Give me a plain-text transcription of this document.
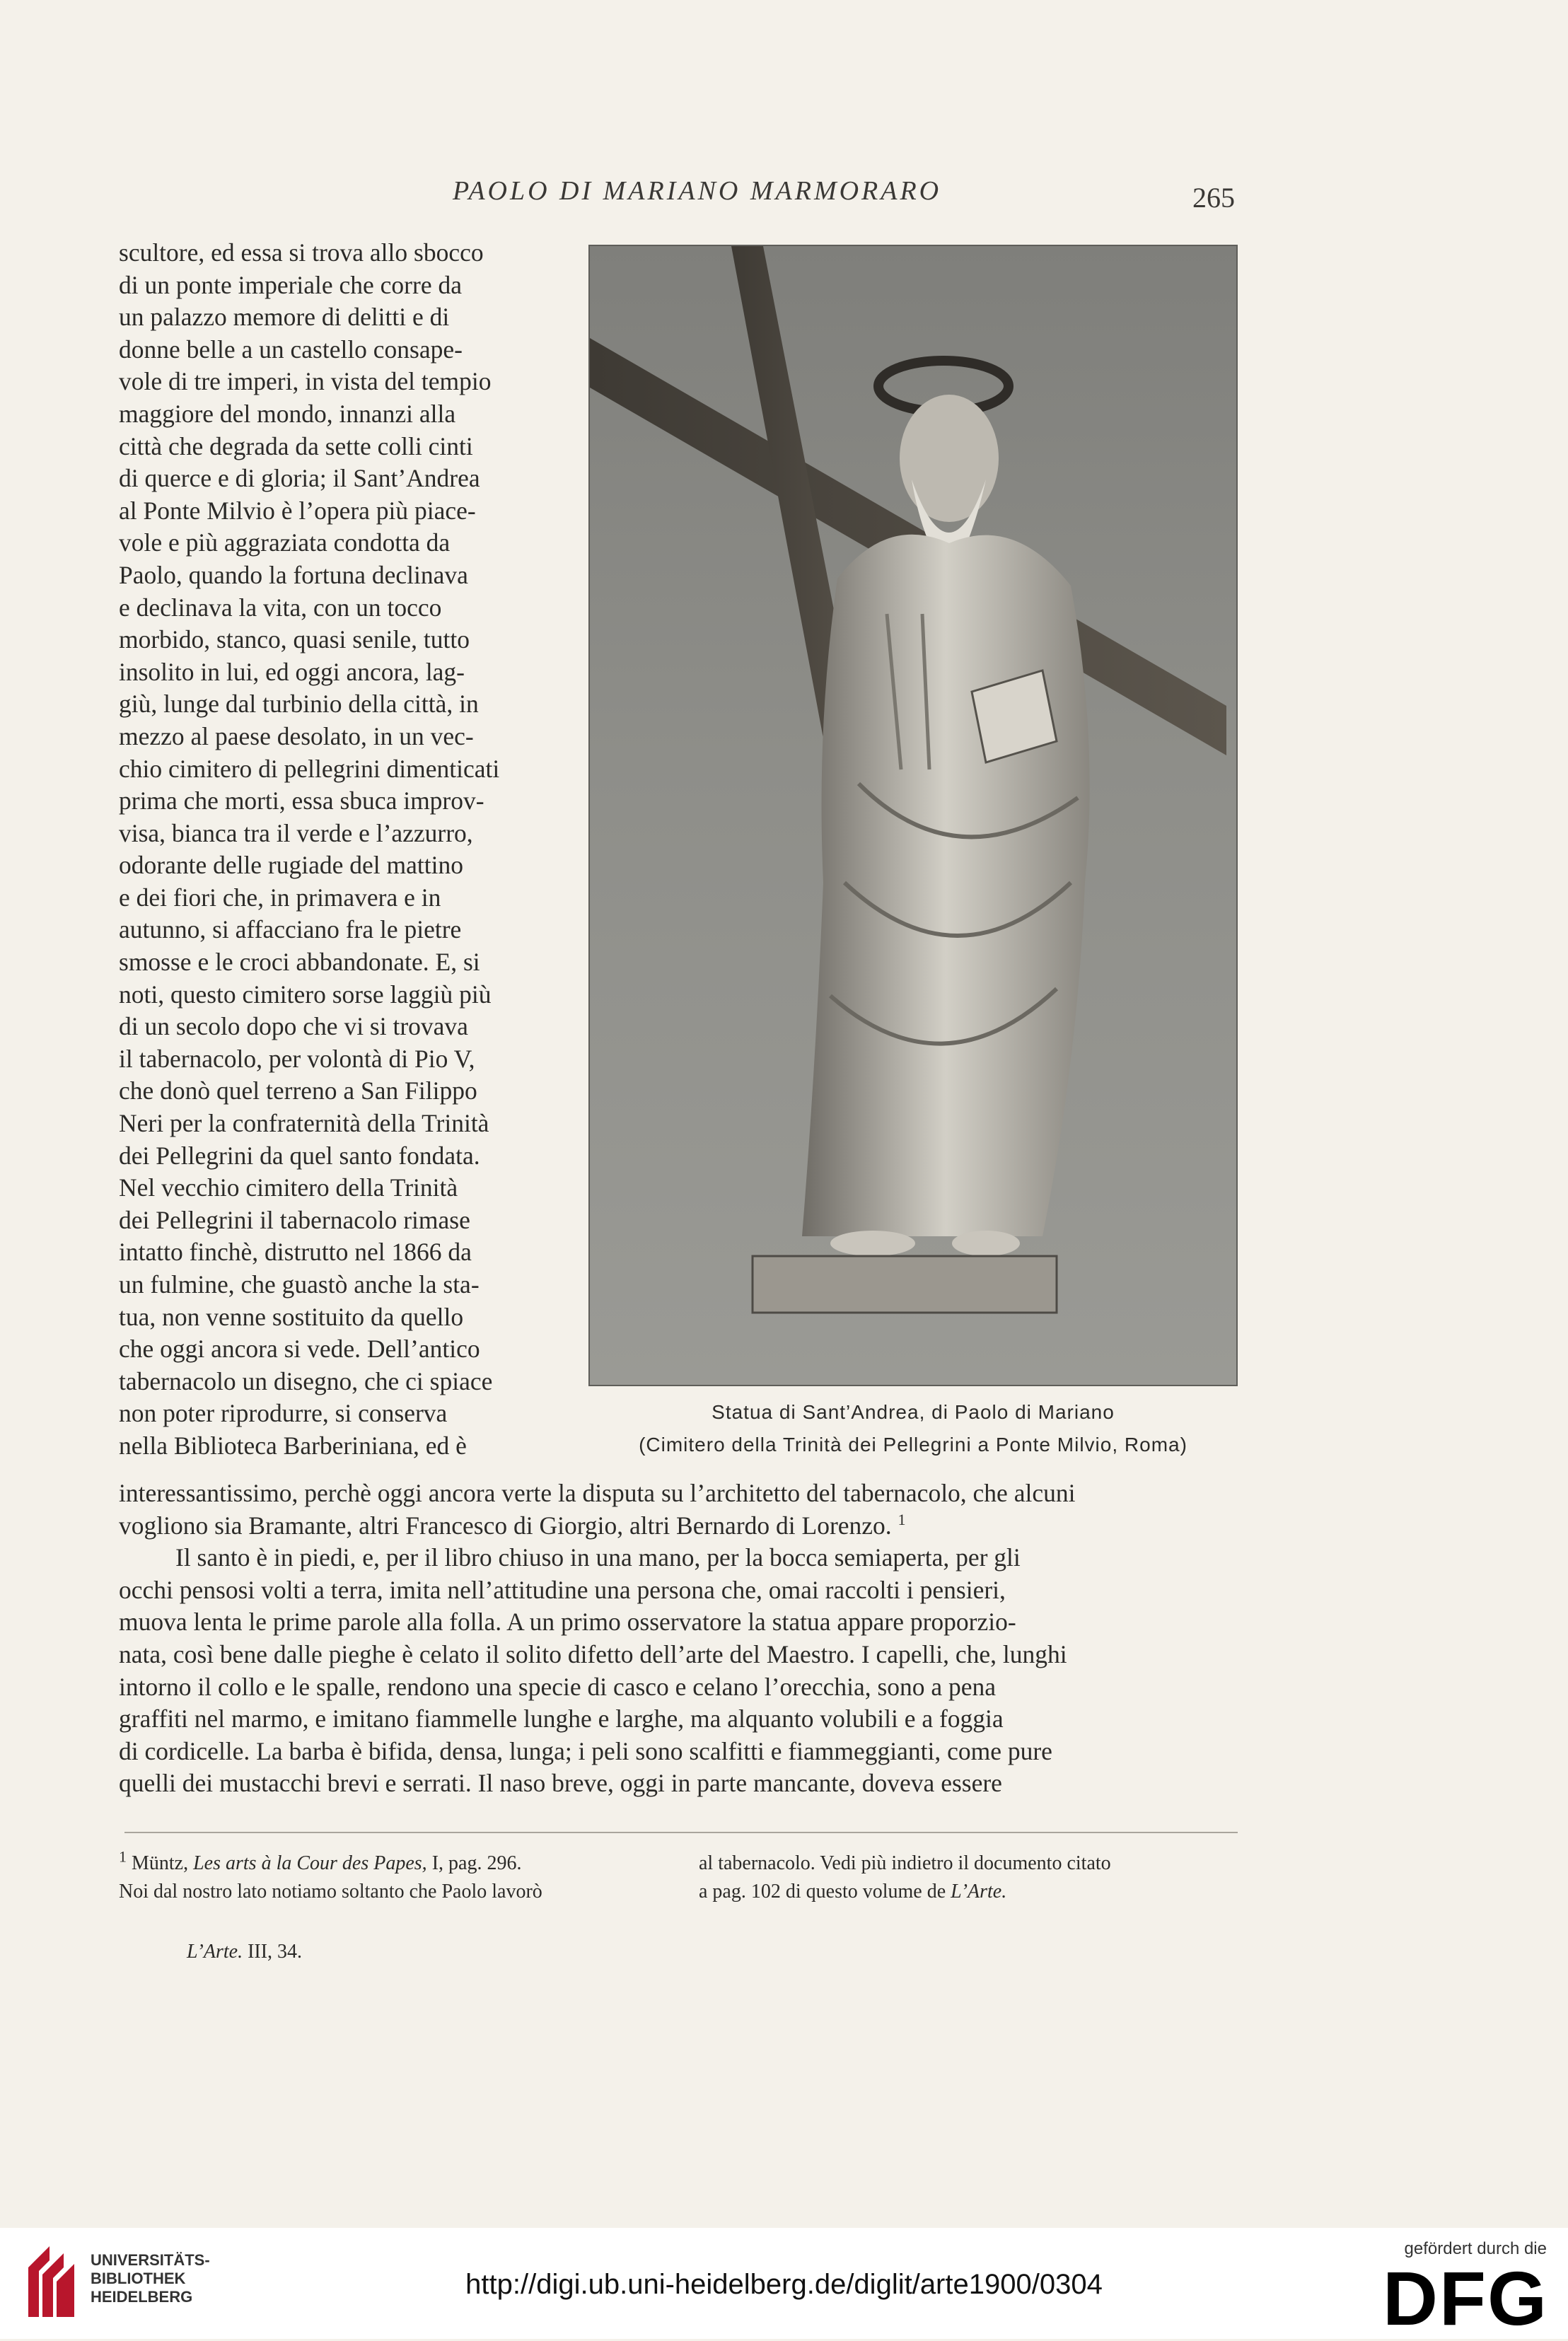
PAOLO DI MARIANO MARMORARO	265

scultore, ed essa si trova allo sbocco

di un ponte imperiale che corre da

un palazzo memore di delitti e di

donne belle a un castello consape-

vole di tre imperi, in vista del tempio

maggiore del mondo, innanzi alla

città che degrada da sette colli cinti

di querce e di gloria; il Sant’Andrea

al Ponte Milvio è l’opera più piace-

vole e più aggraziata condotta da

Paolo, quando la fortuna declinava

e declinava la vita, con un tocco

morbido, stanco, quasi senile, tutto

insolito in lui, ed oggi ancora, lag-

giù, lunge dal turbinio della città, in

mezzo al paese desolato, in un vec-

chio cimitero di pellegrini dimenticati

prima che morti, essa sbuca improv-

visa, bianca tra il verde e l’azzurro,

odorante delle rugiade del mattino

e dei fiori che, in primavera e in

autunno, si affacciano fra le pietre

smosse e le croci abbandonate. E, si

noti, questo cimitero sorse laggiù più

di un secolo dopo che vi si trovava

il tabernacolo, per volontà di Pio V,

che donò quel terreno a San Filippo

Neri per la confraternità della Trinità

dei Pellegrini da quel santo fondata.

Nel vecchio cimitero della Trinità

dei Pellegrini il tabernacolo rimase

intatto finchè, distrutto nel 1866 da

un fulmine, che guastò anche la sta-

tua, non venne sostituito da quello

che oggi ancora si vede. Dell’antico

tabernacolo un disegno, che ci spiace

non poter riprodurre, si conserva

nella Biblioteca Barberiniana, ed è

Statua di Sant’Andrea, di Paolo di Mariano
(Cimitero della Trinità dei Pellegrini a Ponte Milvio, Roma)

interessantissimo, perchè oggi ancora verte la disputa su l’architetto del tabernacolo, che alcuni

vogliono sia Bramante, altri Francesco di Giorgio, altri Bernardo di Lorenzo. $^1$

Il santo è in piedi, e, per il libro chiuso in una mano, per la bocca semiaperta, per gli

occhi pensosi volti a terra, imita nell’attitudine una persona che, omai raccolti i pensieri,

muova lenta le prime parole alla folla. A un primo osservatore la statua appare proporzio-

nata, così bene dalle pieghe è celato il solito difetto dell’arte del Maestro. I capelli, che, lunghi

intorno il collo e le spalle, rendono una specie di casco e celano l’orecchia, sono a pena

graffiti nel marmo, e imitano fiammelle lunghe e larghe, ma alquanto volubili e a foggia

di cordicelle. La barba è bifida, densa, lunga; i peli sono scalfitti e fiammeggianti, come pure

quelli dei mustacchi brevi e serrati. Il naso breve, oggi in parte mancante, doveva essere

$^1$ Müntz, Les arts à la Cour des Papes, I, pag. 296.

Noi dal nostro lato notiamo soltanto che Paolo lavorò

al tabernacolo. Vedi più indietro il documento citato

a pag. 102 di questo volume de L’Arte.

L’Arte. III, 34.
UNIVERSITÄTS-
BIBLIOTHEK
HEIDELBERG	http://digi.ub.uni-heidelberg.de/diglit/arte1900/0304
gefördert durch die
DFG
